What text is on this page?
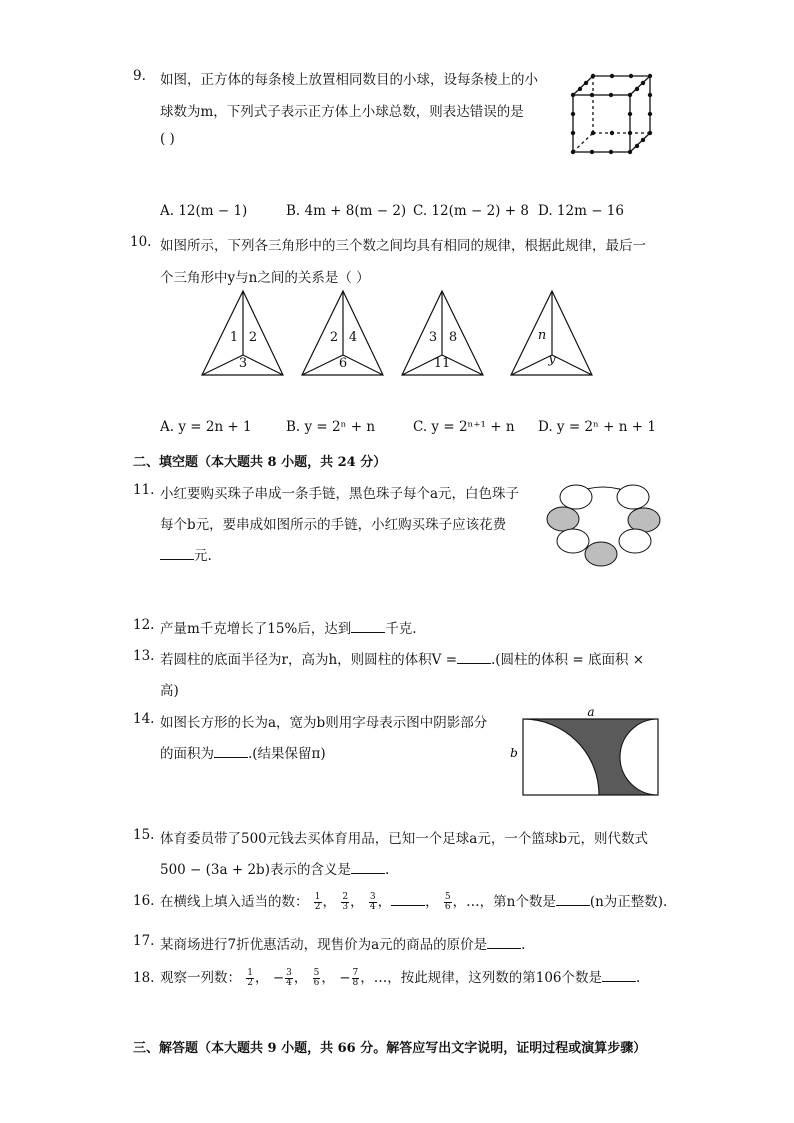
9. 如图，正方体的每条棱上放置相同数目的小球，设每条棱上的小
球数为m，下列式子表示正方体上小球总数，则表达错误的是
( )
A. 12(m − 1)	B. 4m + 8(m − 2) C. 12(m − 2) + 8 D. 12m − 16
10. 如图所示，下列各三角形中的三个数之间均具有相同的规律，根据此规律，最后一
个三角形中y与n之间的关系是（ ）
1 2
3
2 4
6
3 8
11
n
y
A. y = 2n + 1	B. y = 2ⁿ + n	C. y = 2ⁿ⁺¹ + n D. y = 2ⁿ + n + 1
二、填空题（本大题共 8 小题，共 24 分）
11. 小红要购买珠子串成一条手链，黑色珠子每个a元，白色珠子
每个b元，要串成如图所示的手链，小红购买珠子应该花费
元.
12. 产量m千克增长了15%后，达到	千克.
13. 若圆柱的底面半径为r，高为h，则圆柱的体积V =	.(圆柱的体积 = 底面积 ×
高)
14. 如图长方形的长为a，宽为b则用字母表示图中阴影部分
的面积为	.(结果保留π)
a
b
15. 体育委员带了500元钱去买体育用品，已知一个足球a元，一个篮球b元，则代数式
500 − (3a + 2b)表示的含义是	.
16. 在横线上填入适当的数： $\frac{1}{2}$ ， $\frac{2}{3}$ ， $\frac{3}{4}$ ，	， $\frac{5}{6}$ ，…，第n个数是	(n为正整数).
17. 某商场进行7折优惠活动，现售价为a元的商品的原价是	.
18. 观察一列数： $\frac{1}{2}$ ， − $\frac{3}{4}$ ， $\frac{5}{6}$ ， − $\frac{7}{8}$ ，…，按此规律，这列数的第106个数是	.
三、解答题（本大题共 9 小题，共 66 分。解答应写出文字说明，证明过程或演算步骤）
